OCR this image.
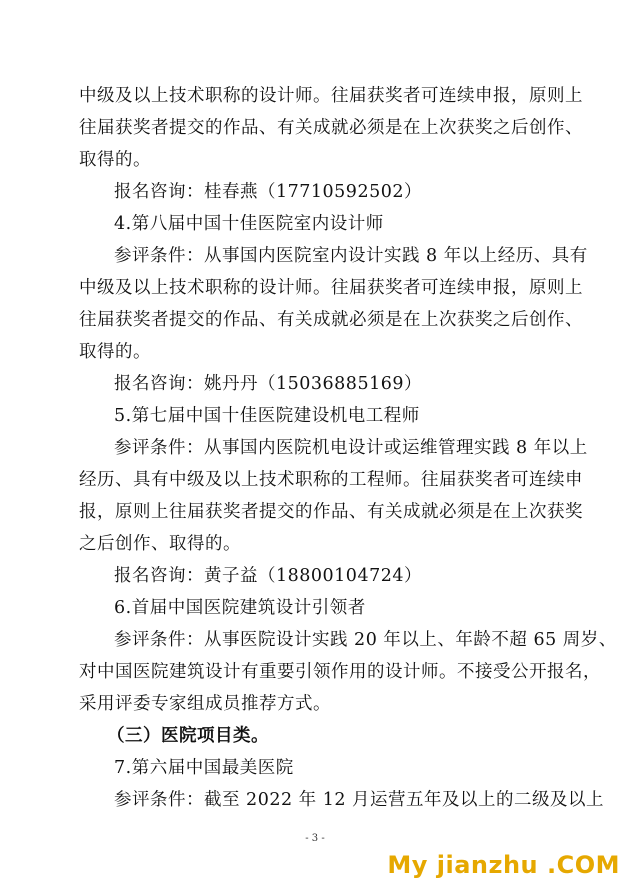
中级及以上技术职称的设计师。往届获奖者可连续申报，原则上
往届获奖者提交的作品、有关成就必须是在上次获奖之后创作、
取得的。
报名咨询：桂春燕（17710592502）
4.第八届中国十佳医院室内设计师
参评条件：从事国内医院室内设计实践 8 年以上经历、具有
中级及以上技术职称的设计师。往届获奖者可连续申报，原则上
往届获奖者提交的作品、有关成就必须是在上次获奖之后创作、
取得的。
报名咨询：姚丹丹（15036885169）
5.第七届中国十佳医院建设机电工程师
参评条件：从事国内医院机电设计或运维管理实践 8 年以上
经历、具有中级及以上技术职称的工程师。往届获奖者可连续申
报，原则上往届获奖者提交的作品、有关成就必须是在上次获奖
之后创作、取得的。
报名咨询：黄子益（18800104724）
6.首届中国医院建筑设计引领者
参评条件：从事医院设计实践 20 年以上、年龄不超 65 周岁、
对中国医院建筑设计有重要引领作用的设计师。不接受公开报名，
采用评委专家组成员推荐方式。
（三）医院项目类。
7.第六届中国最美医院
参评条件：截至 2022 年 12 月运营五年及以上的二级及以上
- 3 -
My jianzhu .COM
